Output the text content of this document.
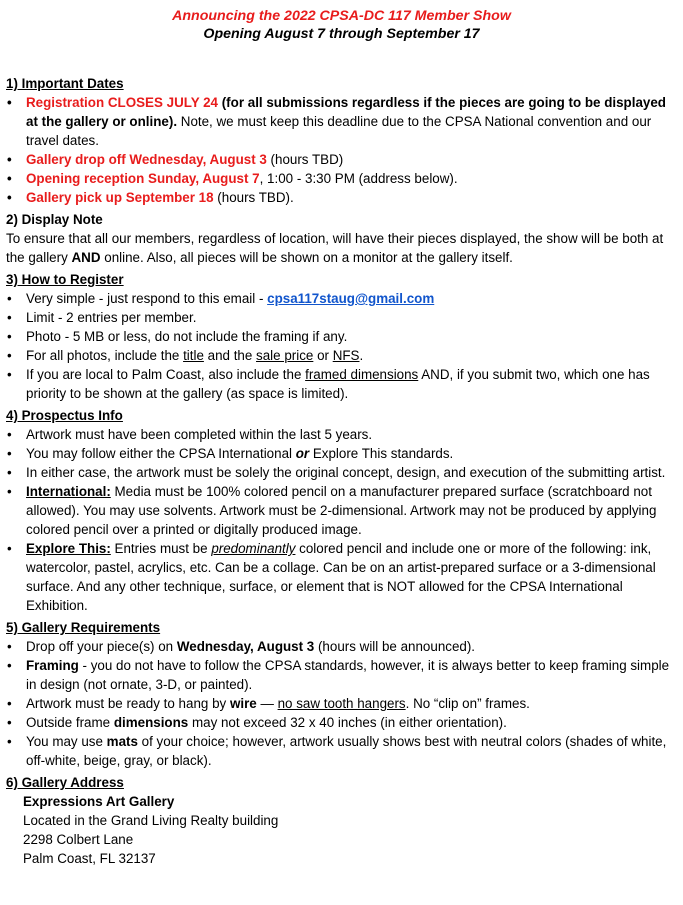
Announcing the 2022 CPSA-DC 117 Member Show
Opening August 7 through September 17
1) Important Dates
• Registration CLOSES JULY 24 (for all submissions regardless if the pieces are going to be displayed at the gallery or online). Note, we must keep this deadline due to the CPSA National convention and our travel dates.
• Gallery drop off Wednesday, August 3 (hours TBD)
• Opening reception Sunday, August 7, 1:00 - 3:30 PM (address below).
• Gallery pick up September 18 (hours TBD).
2) Display Note

To ensure that all our members, regardless of location, will have their pieces displayed, the show will be both at the gallery AND online. Also, all pieces will be shown on a monitor at the gallery itself.

3) How to Register
• Very simple - just respond to this email - cpsa117staug@gmail.com
• Limit - 2 entries per member.
• Photo - 5 MB or less, do not include the framing if any.
• For all photos, include the title and the sale price or NFS.
• If you are local to Palm Coast, also include the framed dimensions AND, if you submit two, which one has priority to be shown at the gallery (as space is limited).
4) Prospectus Info
• Artwork must have been completed within the last 5 years.
• You may follow either the CPSA International or Explore This standards.
• In either case, the artwork must be solely the original concept, design, and execution of the submitting artist.
• International: Media must be 100% colored pencil on a manufacturer prepared surface (scratchboard not allowed). You may use solvents. Artwork must be 2-dimensional. Artwork may not be produced by applying colored pencil over a printed or digitally produced image.
• Explore This: Entries must be predominantly colored pencil and include one or more of the following: ink, watercolor, pastel, acrylics, etc. Can be a collage. Can be on an artist-prepared surface or a 3-dimensional surface. And any other technique, surface, or element that is NOT allowed for the CPSA International Exhibition.
5) Gallery Requirements
• Drop off your piece(s) on Wednesday, August 3 (hours will be announced).
• Framing - you do not have to follow the CPSA standards, however, it is always better to keep framing simple in design (not ornate, 3-D, or painted).
• Artwork must be ready to hang by wire — no saw tooth hangers. No “clip on” frames.
• Outside frame dimensions may not exceed 32 x 40 inches (in either orientation).
• You may use mats of your choice; however, artwork usually shows best with neutral colors (shades of white, off-white, beige, gray, or black).
6) Gallery Address
Expressions Art Gallery
Located in the Grand Living Realty building
2298 Colbert Lane
Palm Coast, FL 32137
